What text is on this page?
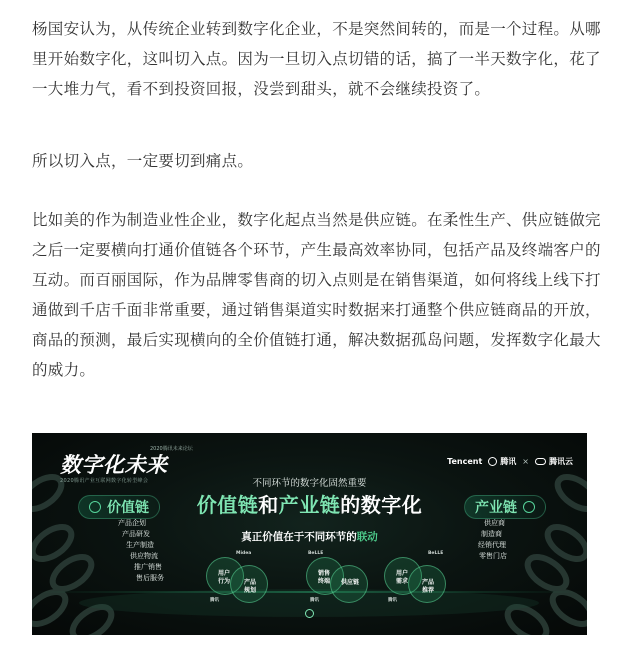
杨国安认为，从传统企业转到数字化企业，不是突然间转的，而是一个过程。从哪
里开始数字化，这叫切入点。因为一旦切入点切错的话，搞了一半天数字化，花了
一大堆力气，看不到投资回报，没尝到甜头，就不会继续投资了。
所以切入点，一定要切到痛点。
比如美的作为制造业性企业，数字化起点当然是供应链。在柔性生产、供应链做完
之后一定要横向打通价值链各个环节，产生最高效率协同，包括产品及终端客户的
互动。而百丽国际，作为品牌零售商的切入点则是在销售渠道，如何将线上线下打
通做到千店千面非常重要，通过销售渠道实时数据来打通整个供应链商品的开放，
商品的预测，最后实现横向的全价值链打通，解决数据孤岛问题，发挥数字化最大
的威力。
2020腾讯未来论坛
数字化未来
2020腾讯产业互联网数字化转型峰会
Tencent 腾讯 ×	腾讯云
不同环节的数字化固然重要
价值链和产业链的数字化
真正价值在于不同环节的联动
价值链
产品企划
产品研发
生产制造
供应物流
推广销售
售后服务
产业链
供应商
制造商
经销代理
零售门店
用户
行为	产品
规划
Midea
腾讯
销售
终端	供应链
BeLLE
腾讯
用户
需求	产品
推荐
BeLLE
腾讯
